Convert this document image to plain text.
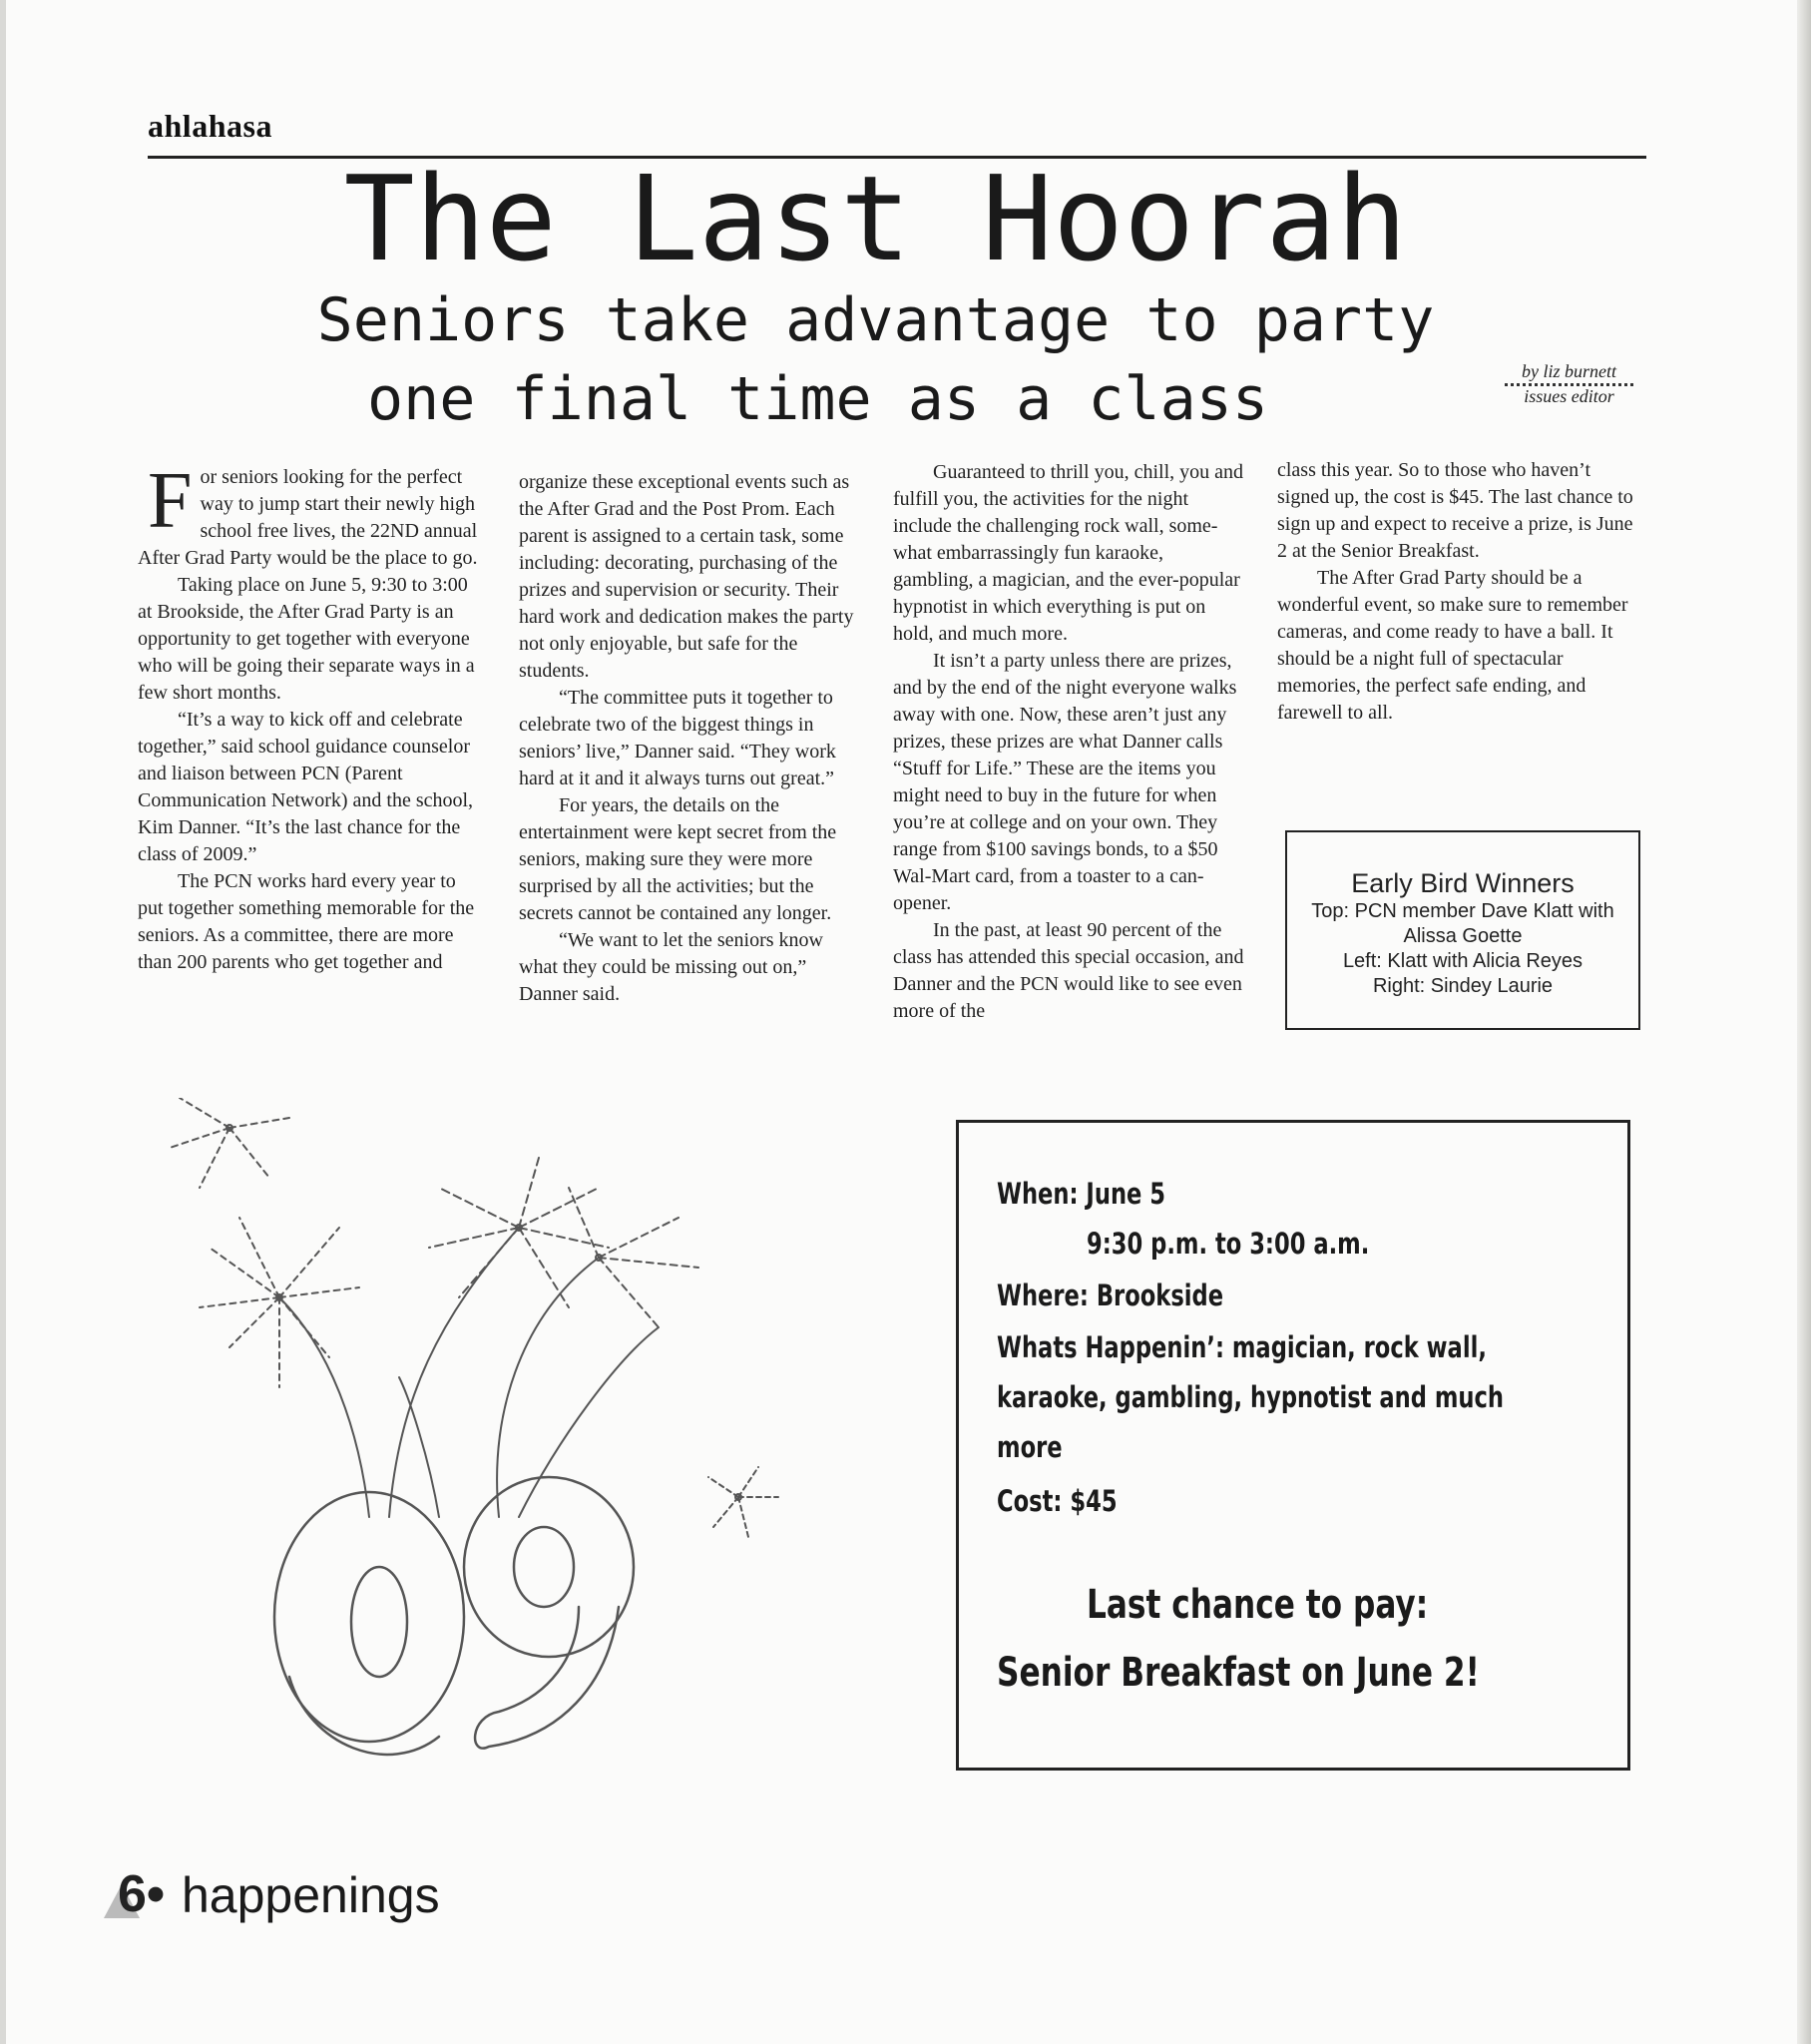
ahlahasa
The Last Hoorah
Seniors take advantage to party
one final time as a class	by liz burnett
issues editor

For seniors looking for the perfect way to jump start their newly high school free lives, the 22ND annual After Grad Party would be the place to go.

Taking place on June 5, 9:30 to 3:00 at Brookside, the After Grad Party is an opportunity to get together with everyone who will be going their separate ways in a few short months.

“It’s a way to kick off and celebrate together,” said school guidance counselor and liaison between PCN (Parent Communication Network) and the school, Kim Danner. “It’s the last chance for the class of 2009.”

The PCN works hard every year to put together something memorable for the seniors. As a committee, there are more than 200 parents who get together and

organize these exceptional events such as the After Grad and the Post Prom. Each parent is assigned to a certain task, some including: decorating, purchasing of the prizes and supervision or security. Their hard work and dedication makes the party not only enjoyable, but safe for the students.

“The committee puts it together to celebrate two of the biggest things in seniors’ live,” Danner said. “They work hard at it and it always turns out great.”

For years, the details on the entertainment were kept secret from the seniors, making sure they were more surprised by all the activities; but the secrets cannot be contained any longer.

“We want to let the seniors know what they could be missing out on,” Danner said.

Guaranteed to thrill you, chill, you and fulfill you, the activities for the night include the challenging rock wall, some-what embarrassingly fun karaoke, gambling, a magician, and the ever-popular hypnotist in which everything is put on hold, and much more.

It isn’t a party unless there are prizes, and by the end of the night everyone walks away with one. Now, these aren’t just any prizes, these prizes are what Danner calls “Stuff for Life.” These are the items you might need to buy in the future for when you’re at college and on your own. They range from $100 savings bonds, to a $50 Wal-Mart card, from a toaster to a can-opener.

In the past, at least 90 percent of the class has attended this special occasion, and Danner and the PCN would like to see even more of the

class this year. So to those who haven’t signed up, the cost is $45. The last chance to sign up and expect to receive a prize, is June 2 at the Senior Breakfast.

The After Grad Party should be a wonderful event, so make sure to remember cameras, and come ready to have a ball. It should be a night full of spectacular memories, the perfect safe ending, and farewell to all.

Early Bird Winners
Top: PCN member Dave Klatt with
Alissa Goette
Left: Klatt with Alicia Reyes
Right: Sindey Laurie
When: June 5
9:30 p.m. to 3:00 a.m.
Where: Brookside
Whats Happenin’: magician, rock wall,
karaoke, gambling, hypnotist and much
more
Cost: $45
Last chance to pay:
Senior Breakfast on June 2!
6• happenings
